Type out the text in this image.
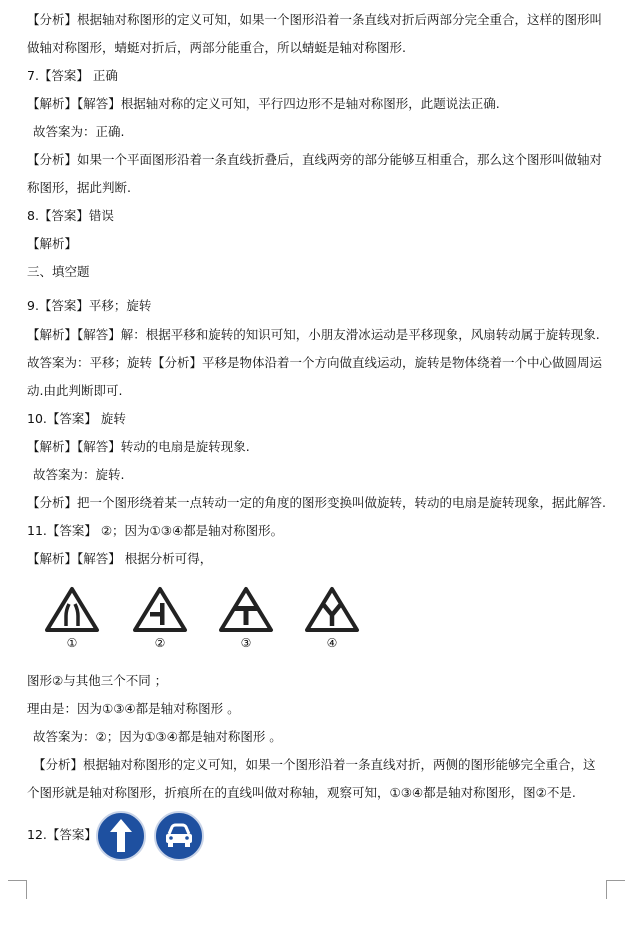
【分析】根据轴对称图形的定义可知，如果一个图形沿着一条直线对折后两部分完全重合，这样的图形叫
做轴对称图形，蜻蜓对折后，两部分能重合，所以蜻蜓是轴对称图形.
7.【答案】 正确
【解析】【解答】根据轴对称的定义可知，平行四边形不是轴对称图形，此题说法正确.
故答案为：正确.
【分析】如果一个平面图形沿着一条直线折叠后，直线两旁的部分能够互相重合，那么这个图形叫做轴对
称图形，据此判断.
8.【答案】错误
【解析】
三、填空题
9.【答案】平移；旋转
【解析】【解答】解：根据平移和旋转的知识可知，小朋友滑冰运动是平移现象，风扇转动属于旋转现象.
故答案为：平移；旋转【分析】平移是物体沿着一个方向做直线运动，旋转是物体绕着一个中心做圆周运
动.由此判断即可.
10.【答案】 旋转
【解析】【解答】转动的电扇是旋转现象.
故答案为：旋转.
【分析】把一个图形绕着某一点转动一定的角度的图形变换叫做旋转，转动的电扇是旋转现象，据此解答.
11.【答案】 ②；因为①③④都是轴对称图形。
【解析】【解答】 根据分析可得，
①	②	③	④
图形②与其他三个不同 ；
理由是：因为①③④都是轴对称图形 。
故答案为：②；因为①③④都是轴对称图形 。
【分析】根据轴对称图形的定义可知，如果一个图形沿着一条直线对折，两侧的图形能够完全重合，这
个图形就是轴对称图形，折痕所在的直线叫做对称轴，观察可知，①③④都是轴对称图形，图②不是.
12.【答案】
